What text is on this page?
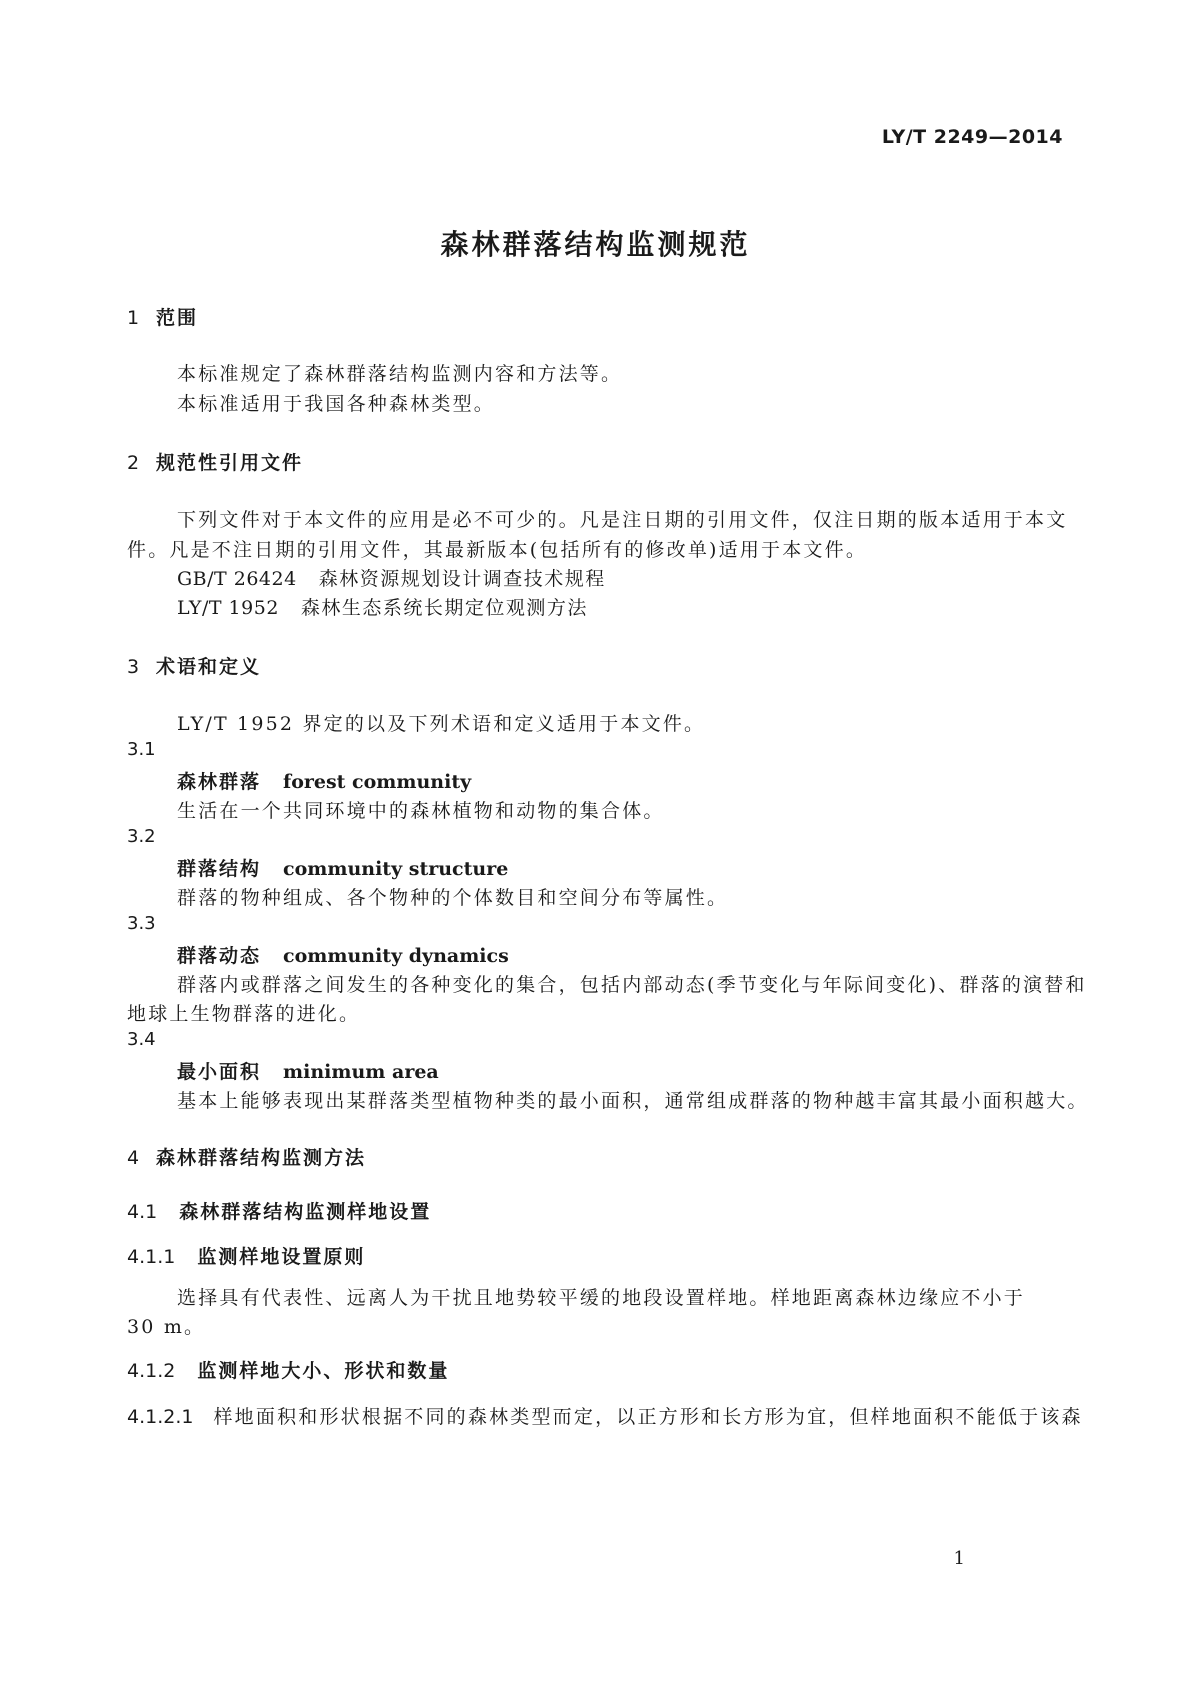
LY/T 2249—2014
森林群落结构监测规范
1 范围
本标准规定了森林群落结构监测内容和方法等。
本标准适用于我国各种森林类型。
2 规范性引用文件
下列文件对于本文件的应用是必不可少的。凡是注日期的引用文件，仅注日期的版本适用于本文
件。凡是不注日期的引用文件，其最新版本(包括所有的修改单)适用于本文件。
GB/T 26424 森林资源规划设计调查技术规程
LY/T 1952 森林生态系统长期定位观测方法
3 术语和定义
LY/T 1952 界定的以及下列术语和定义适用于本文件。
3.1
森林群落 forest community
生活在一个共同环境中的森林植物和动物的集合体。
3.2
群落结构 community structure
群落的物种组成、各个物种的个体数目和空间分布等属性。
3.3
群落动态 community dynamics
群落内或群落之间发生的各种变化的集合，包括内部动态(季节变化与年际间变化)、群落的演替和
地球上生物群落的进化。
3.4
最小面积 minimum area
基本上能够表现出某群落类型植物种类的最小面积，通常组成群落的物种越丰富其最小面积越大。
4 森林群落结构监测方法
4.1 森林群落结构监测样地设置
4.1.1 监测样地设置原则
选择具有代表性、远离人为干扰且地势较平缓的地段设置样地。样地距离森林边缘应不小于
30 m。
4.1.2 监测样地大小、形状和数量
4.1.2.1 样地面积和形状根据不同的森林类型而定，以正方形和长方形为宜，但样地面积不能低于该森
1
